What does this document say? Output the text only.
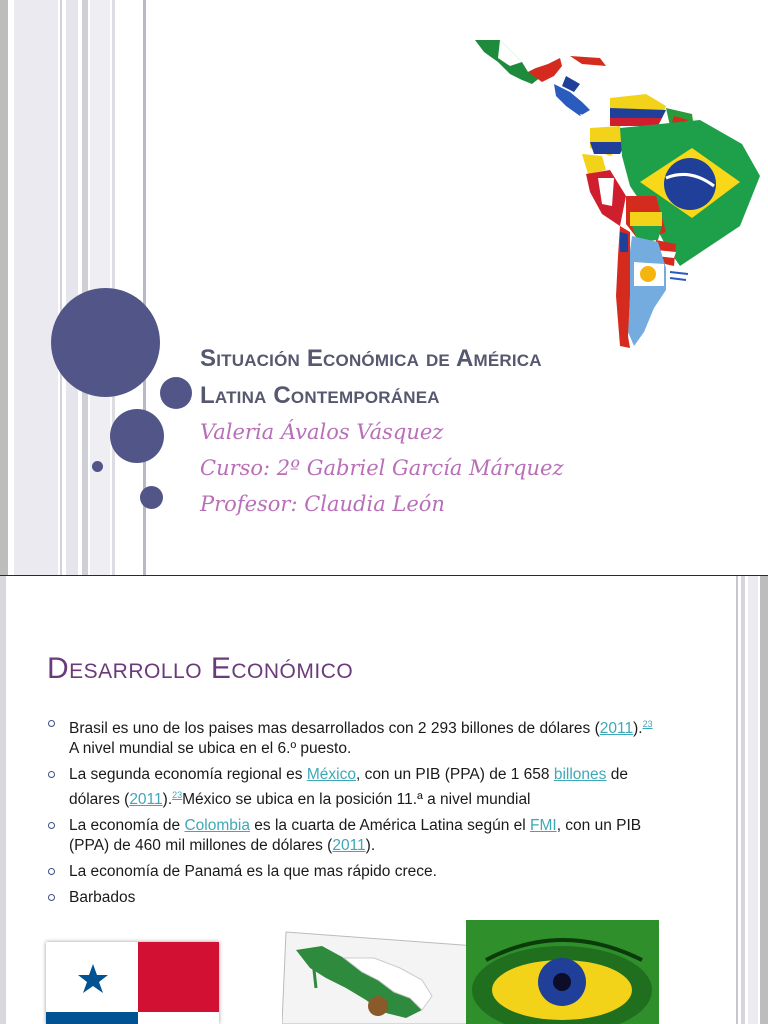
Situación Económica de América
Latina Contemporánea
Valeria Ávalos Vásquez
Curso: 2º Gabriel García Márquez
Profesor: Claudia León
Desarrollo Económico
Brasil es uno de los paises mas desarrollados con 2 293 billones de dólares (2011).$^{23}$ A nivel mundial se ubica en el 6.º puesto.
La segunda economía regional es México, con un PIB (PPA) de 1 658 billones de dólares (2011).$^{23}$México se ubica en la posición 11.ª a nivel mundial
La economía de Colombia es la cuarta de América Latina según el FMI, con un PIB (PPA) de 460 mil millones de dólares (2011).
La economía de Panamá es la que mas rápido crece.
Barbados
